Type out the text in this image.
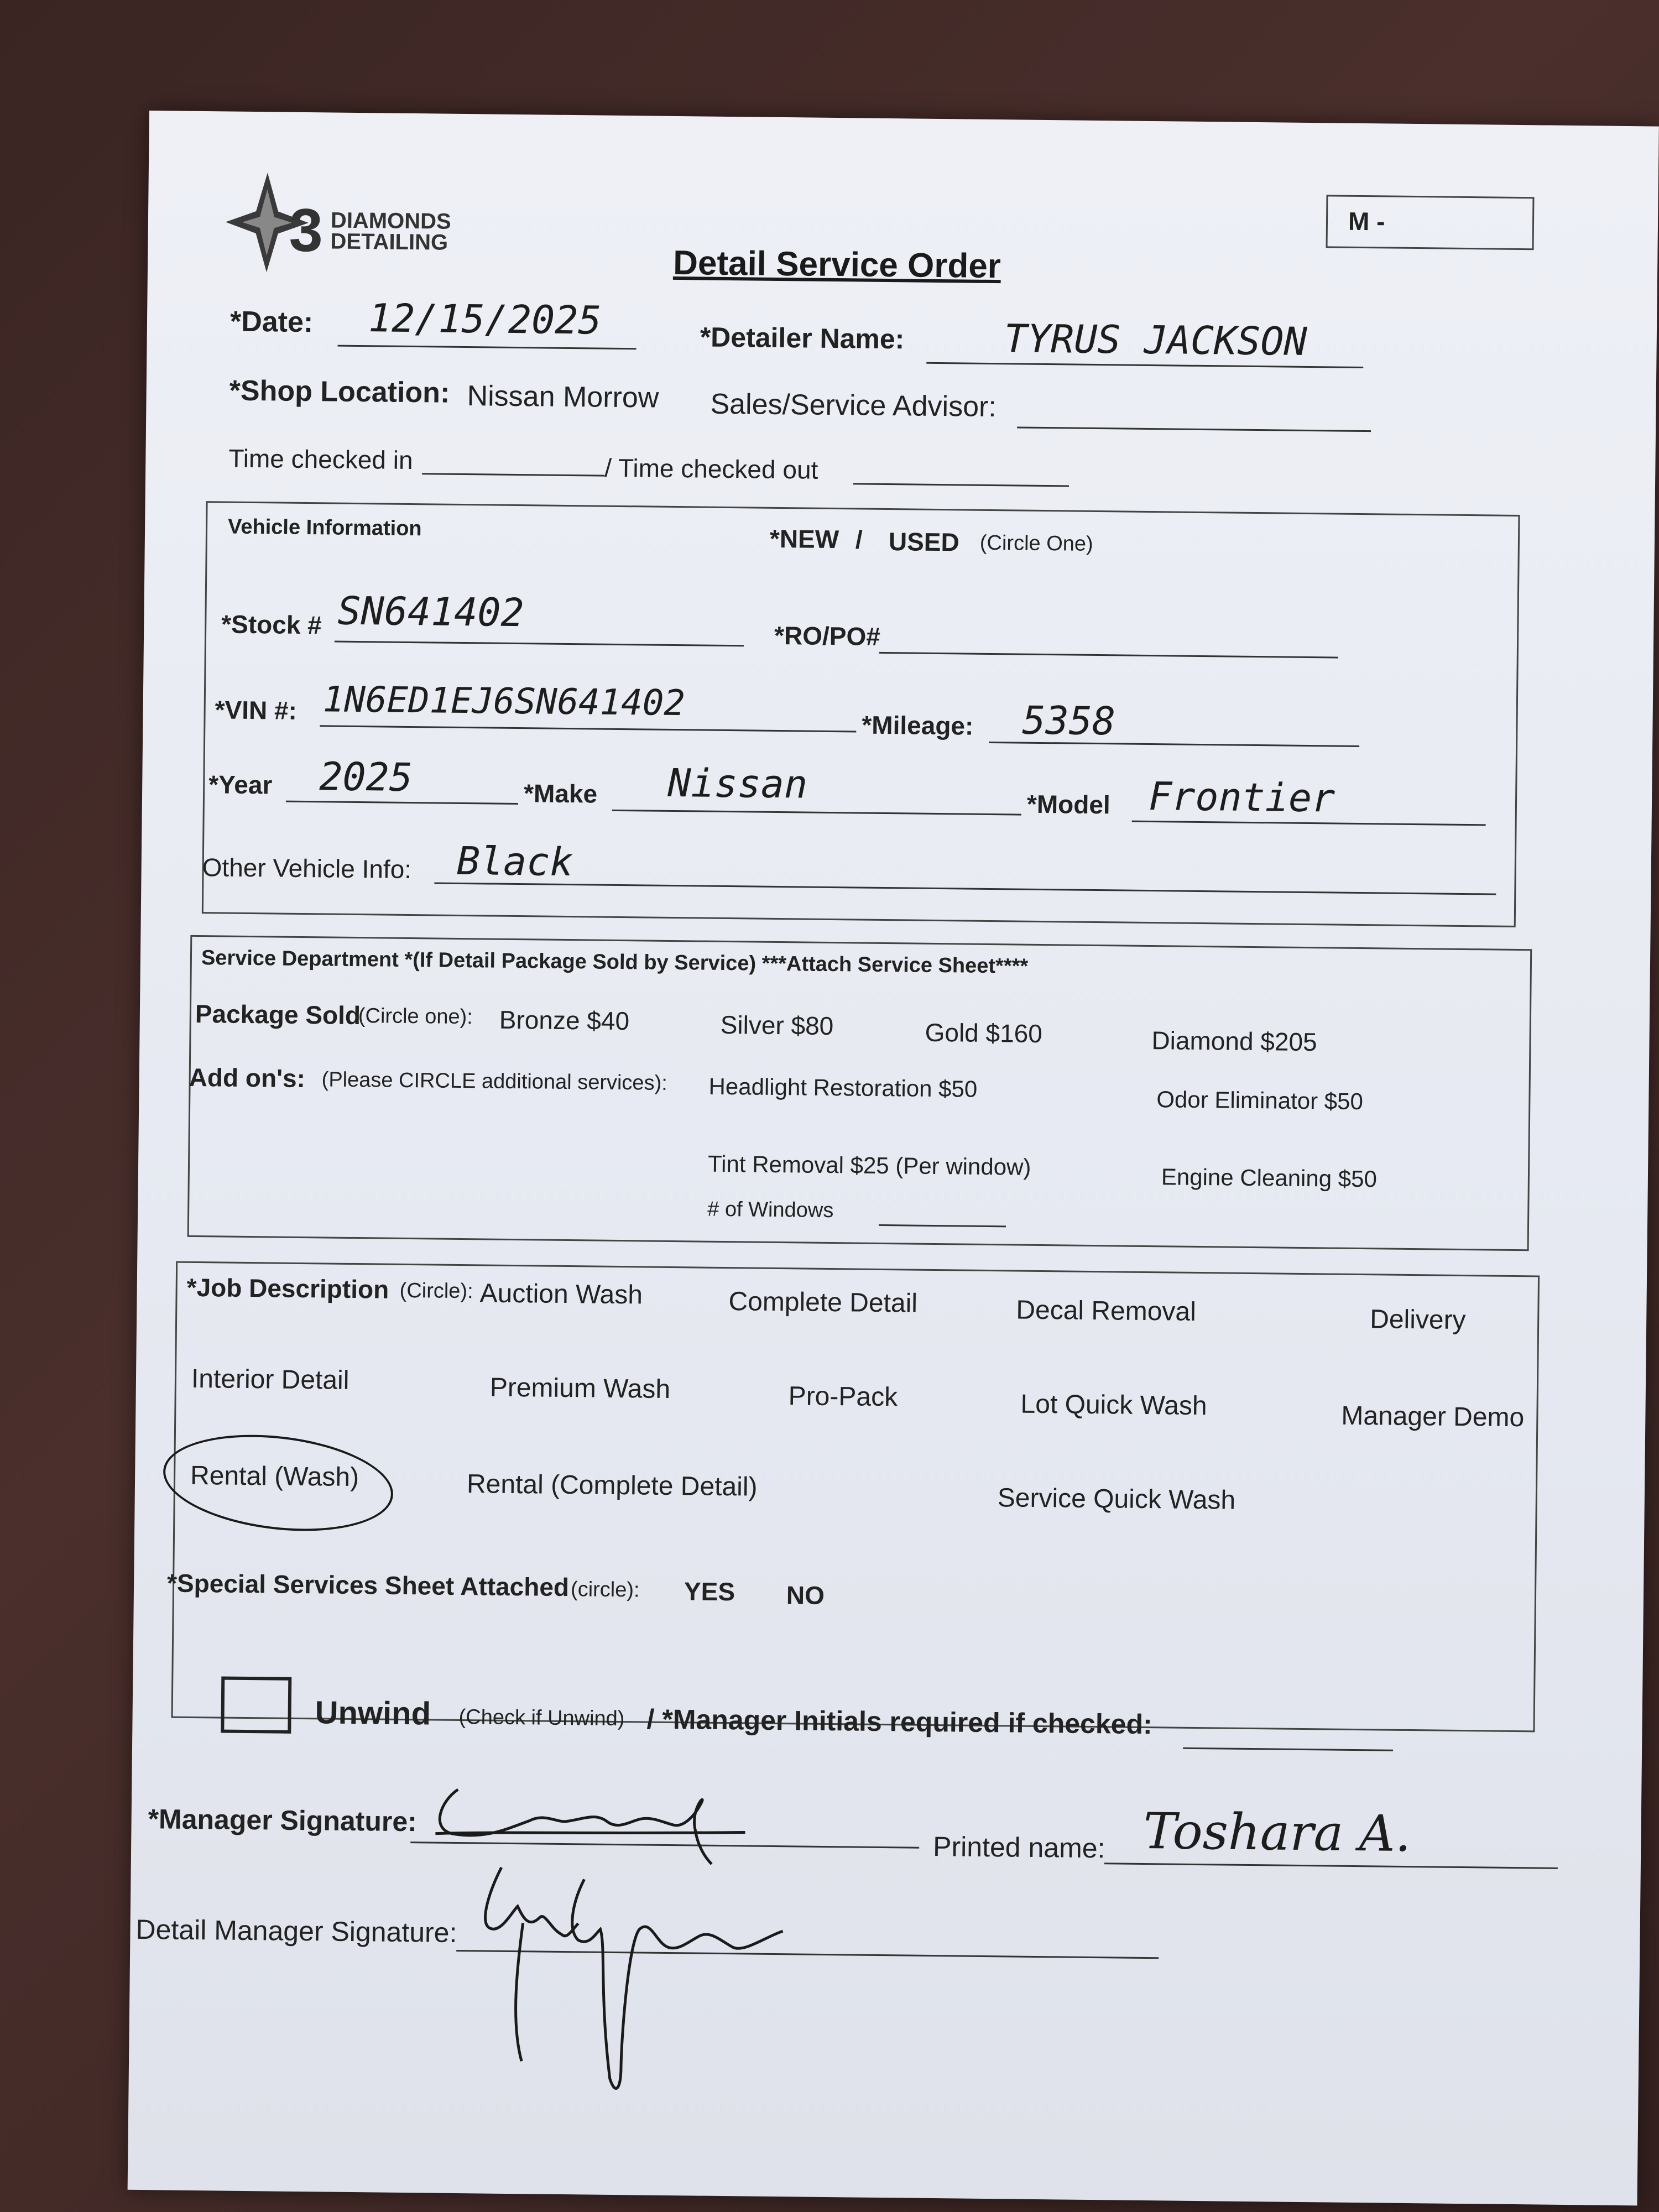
3 DIAMONDS
DETAILING
M -
Detail Service Order
*Date: 12/15/2025	*Detailer Name:	TYRUS JACKSON
*Shop Location: Nissan Morrow Sales/Service Advisor:
Time checked in	/ Time checked out
Vehicle Information	*NEW / USED (Circle One)
*Stock # SN641402
*RO/PO#
*VIN #: 1N6ED1EJ6SN641402
*Mileage: 5358
*Year 2025	*Make Nissan	*Model Frontier
Other Vehicle Info: Black
Service Department *(If Detail Package Sold by Service) ***Attach Service Sheet****
Package Sold
(Circle one): Bronze $40	Silver $80	Gold $160	Diamond $205
Add on's: (Please CIRCLE additional services): Headlight Restoration $50	Odor Eliminator $50
Tint Removal $25 (Per window)	Engine Cleaning $50
# of Windows
*Job Description (Circle): Auction Wash	Complete Detail	Decal Removal	Delivery
Interior Detail	Premium Wash	Pro-Pack	Lot Quick Wash	Manager Demo
Rental (Wash)	Rental (Complete Detail)	Service Quick Wash
*Special Services Sheet Attached (circle): YES NO
Unwind (Check if Unwind) / *Manager Initials required if checked:
*Manager Signature:
Printed name: Toshara A.
Detail Manager Signature:
